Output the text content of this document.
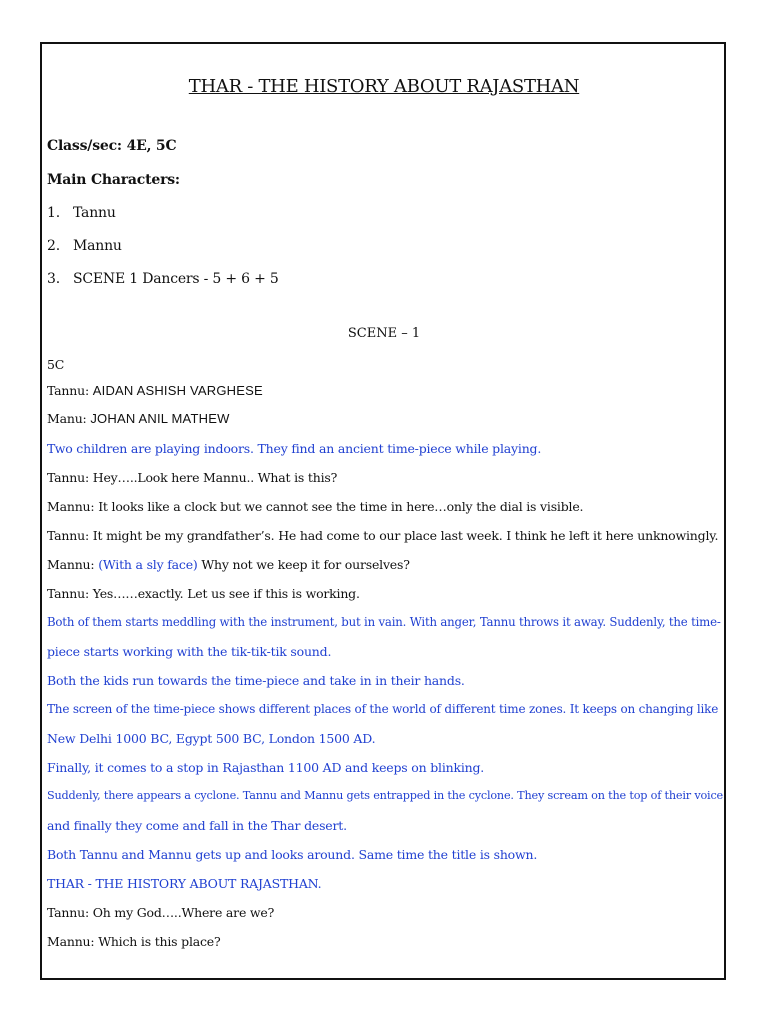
THAR - THE HISTORY ABOUT RAJASTHAN
Class/sec: 4E, 5C
Main Characters:
1. Tannu
2. Mannu
3. SCENE 1 Dancers - 5 + 6 + 5
SCENE – 1
5C
Tannu: AIDAN ASHISH VARGHESE
Manu: JOHAN ANIL MATHEW
Two children are playing indoors. They find an ancient time-piece while playing.
Tannu: Hey…..Look here Mannu.. What is this?
Mannu: It looks like a clock but we cannot see the time in here…only the dial is visible.
Tannu: It might be my grandfather’s. He had come to our place last week. I think he left it here unknowingly.
Mannu: (With a sly face) Why not we keep it for ourselves?
Tannu: Yes……exactly. Let us see if this is working.
Both of them starts meddling with the instrument, but in vain. With anger, Tannu throws it away. Suddenly, the time-
piece starts working with the tik-tik-tik sound.
Both the kids run towards the time-piece and take in in their hands.
The screen of the time-piece shows different places of the world of different time zones. It keeps on changing like
New Delhi 1000 BC, Egypt 500 BC, London 1500 AD.
Finally, it comes to a stop in Rajasthan 1100 AD and keeps on blinking.
Suddenly, there appears a cyclone. Tannu and Mannu gets entrapped in the cyclone. They scream on the top of their voice
and finally they come and fall in the Thar desert.
Both Tannu and Mannu gets up and looks around. Same time the title is shown.
THAR - THE HISTORY ABOUT RAJASTHAN.
Tannu: Oh my God…..Where are we?
Mannu: Which is this place?
